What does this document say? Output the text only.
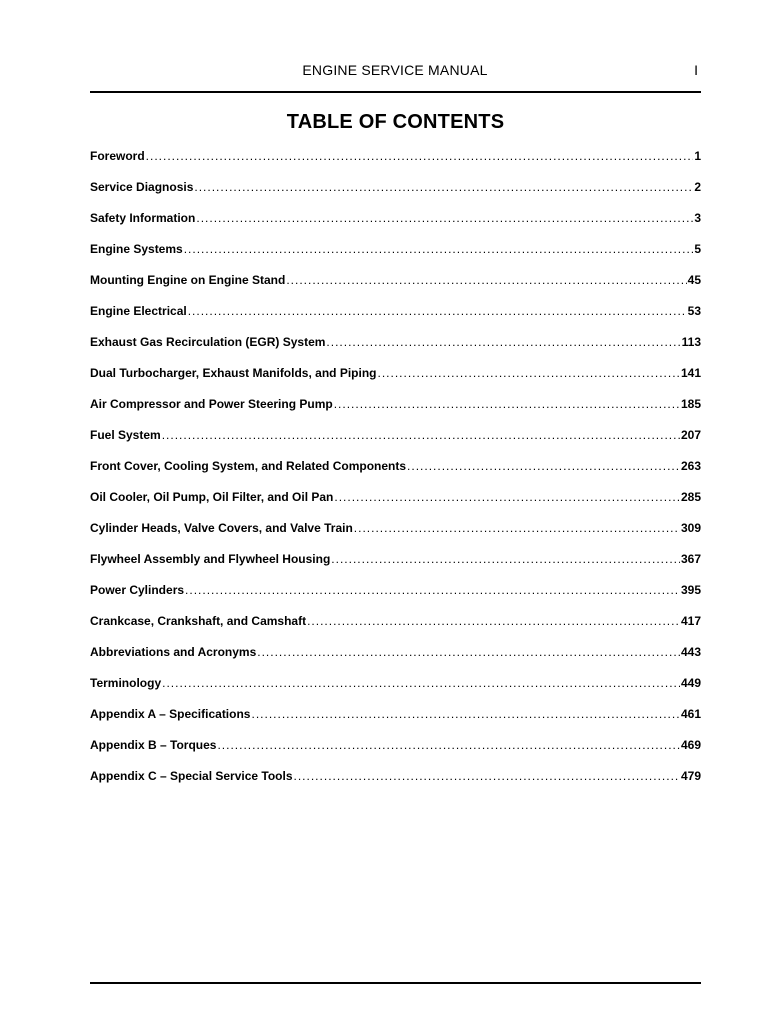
ENGINE SERVICE MANUAL	I
TABLE OF CONTENTS
Foreword .....	1
Service Diagnosis .....	2
Safety Information .....	3
Engine Systems .....	5
Mounting Engine on Engine Stand .....	45
Engine Electrical .....	53
Exhaust Gas Recirculation (EGR) System .....	113
Dual Turbocharger, Exhaust Manifolds, and Piping .....	141
Air Compressor and Power Steering Pump .....	185
Fuel System .....	207
Front Cover, Cooling System, and Related Components .....	263
Oil Cooler, Oil Pump, Oil Filter, and Oil Pan .....	285
Cylinder Heads, Valve Covers, and Valve Train .....	309
Flywheel Assembly and Flywheel Housing .....	367
Power Cylinders .....	395
Crankcase, Crankshaft, and Camshaft .....	417
Abbreviations and Acronyms .....	443
Terminology .....	449
Appendix A – Specifications .....	461
Appendix B – Torques .....	469
Appendix C – Special Service Tools .....	479
